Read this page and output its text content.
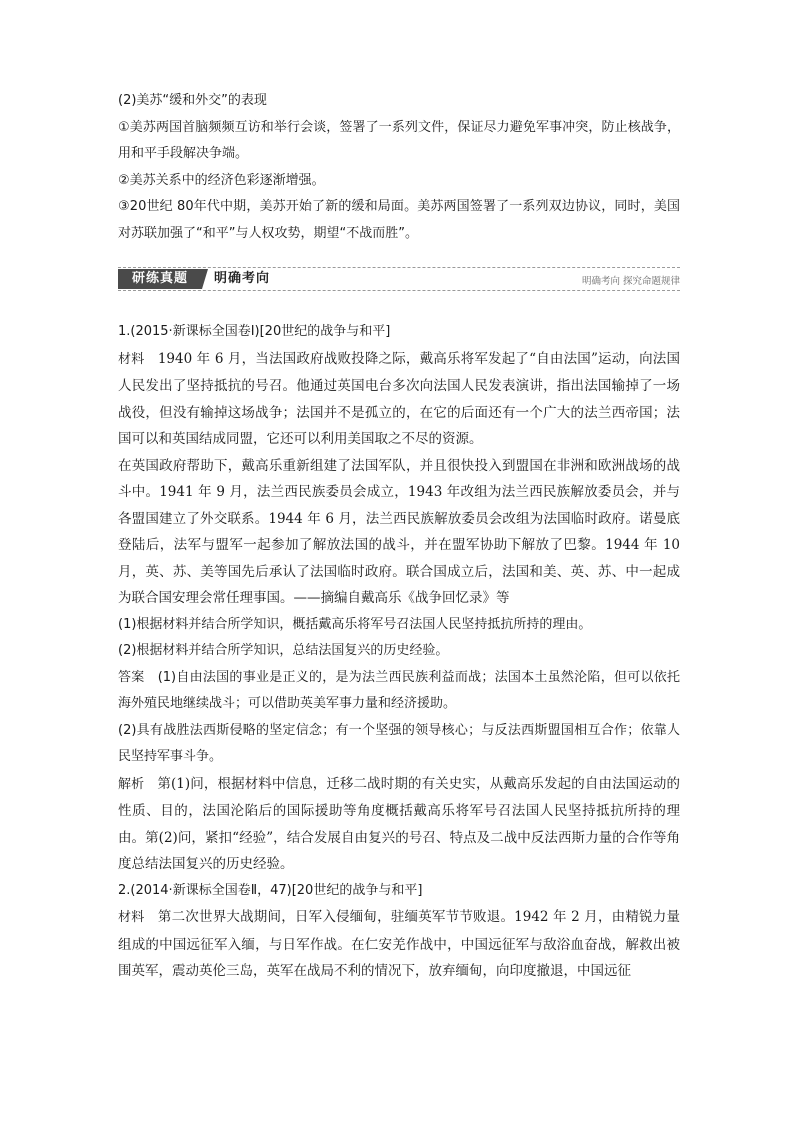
(2)美苏“缓和外交”的表现

①美苏两国首脑频频互访和举行会谈，签署了一系列文件，保证尽力避免军事冲突，防止核战争，用和平手段解决争端。

②美苏关系中的经济色彩逐渐增强。

③20世纪 80年代中期，美苏开始了新的缓和局面。美苏两国签署了一系列双边协议，同时，美国对苏联加强了“和平”与人权攻势，期望“不战而胜”。

研练真题	明确考向	明确考向 探究命题规律

1.(2015·新课标全国卷Ⅰ)[20世纪的战争与和平]

材料 1940 年 6 月，当法国政府战败投降之际，戴高乐将军发起了“自由法国”运动，向法国人民发出了坚持抵抗的号召。他通过英国电台多次向法国人民发表演讲，指出法国输掉了一场战役，但没有输掉这场战争；法国并不是孤立的，在它的后面还有一个广大的法兰西帝国；法国可以和英国结成同盟，它还可以利用美国取之不尽的资源。

在英国政府帮助下，戴高乐重新组建了法国军队，并且很快投入到盟国在非洲和欧洲战场的战斗中。1941 年 9 月，法兰西民族委员会成立，1943 年改组为法兰西民族解放委员会，并与各盟国建立了外交联系。1944 年 6 月，法兰西民族解放委员会改组为法国临时政府。诺曼底登陆后，法军与盟军一起参加了解放法国的战斗，并在盟军协助下解放了巴黎。1944 年 10 月，英、苏、美等国先后承认了法国临时政府。联合国成立后，法国和美、英、苏、中一起成为联合国安理会常任理事国。——摘编自戴高乐《战争回忆录》等

(1)根据材料并结合所学知识，概括戴高乐将军号召法国人民坚持抵抗所持的理由。

(2)根据材料并结合所学知识，总结法国复兴的历史经验。

答案 (1)自由法国的事业是正义的，是为法兰西民族利益而战；法国本土虽然沦陷，但可以依托海外殖民地继续战斗；可以借助英美军事力量和经济援助。

(2)具有战胜法西斯侵略的坚定信念；有一个坚强的领导核心；与反法西斯盟国相互合作；依靠人民坚持军事斗争。

解析 第(1)问，根据材料中信息，迁移二战时期的有关史实，从戴高乐发起的自由法国运动的性质、目的，法国沦陷后的国际援助等角度概括戴高乐将军号召法国人民坚持抵抗所持的理由。第(2)问，紧扣“经验”，结合发展自由复兴的号召、特点及二战中反法西斯力量的合作等角度总结法国复兴的历史经验。

2.(2014·新课标全国卷Ⅱ，47)[20世纪的战争与和平]

材料 第二次世界大战期间，日军入侵缅甸，驻缅英军节节败退。1942 年 2 月，由精锐力量组成的中国远征军入缅，与日军作战。在仁安羌作战中，中国远征军与敌浴血奋战，解救出被围英军，震动英伦三岛，英军在战局不利的情况下，放弃缅甸，向印度撤退，中国远征
